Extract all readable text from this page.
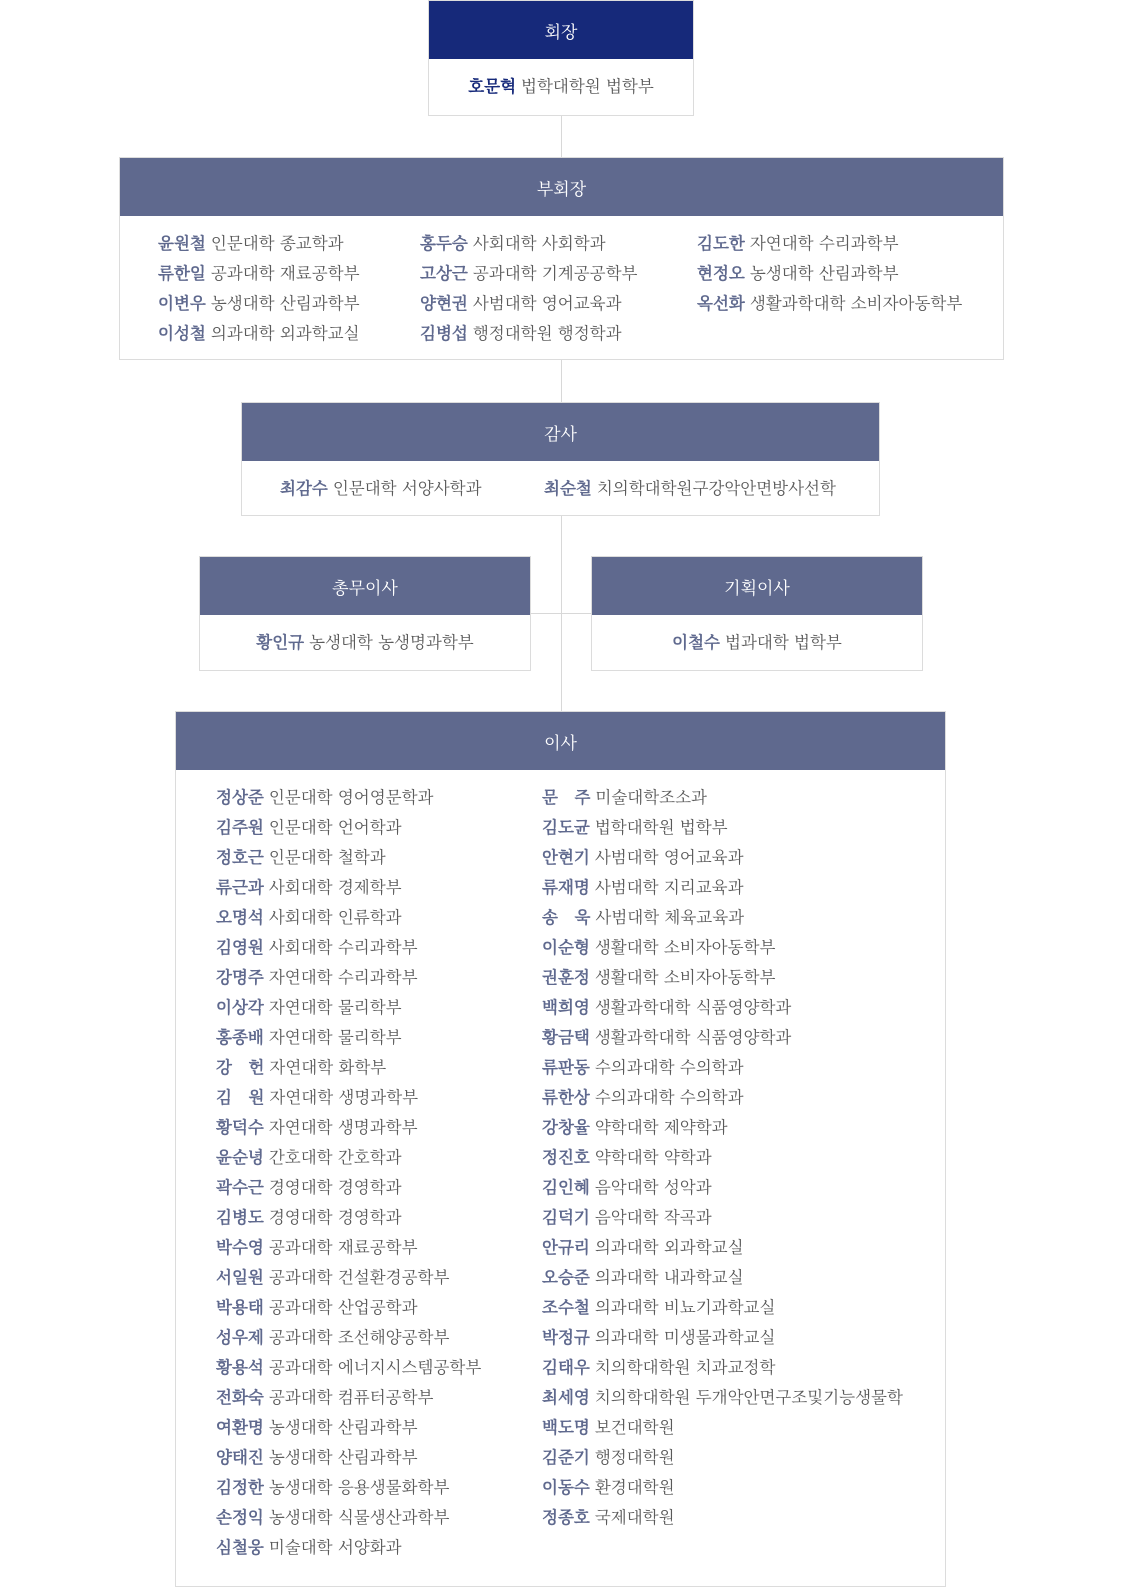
회장
호문혁 법학대학원 법학부
부회장
윤원철 인문대학 종교학과
류한일 공과대학 재료공학부
이변우 농생대학 산림과학부
이성철 의과대학 외과학교실
홍두승 사회대학 사회학과
고상근 공과대학 기계공공학부
양현권 사범대학 영어교육과
김병섭 행정대학원 행정학과
김도한 자연대학 수리과학부
현정오 농생대학 산림과학부
옥선화 생활과학대학 소비자아동학부
감사
최감수 인문대학 서양사학과	최순철 치의학대학원구강악안면방사선학
총무이사
황인규 농생대학 농생명과학부
기획이사
이철수 법과대학 법학부
이사
정상준 인문대학 영어영문학과
김주원 인문대학 언어학과
정호근 인문대학 철학과
류근과 사회대학 경제학부
오명석 사회대학 인류학과
김영원 사회대학 수리과학부
강명주 자연대학 수리과학부
이상각 자연대학 물리학부
홍종배 자연대학 물리학부
강　헌 자연대학 화학부
김　원 자연대학 생명과학부
황덕수 자연대학 생명과학부
윤순녕 간호대학 간호학과
곽수근 경영대학 경영학과
김병도 경영대학 경영학과
박수영 공과대학 재료공학부
서일원 공과대학 건설환경공학부
박용태 공과대학 산업공학과
성우제 공과대학 조선해양공학부
황용석 공과대학 에너지시스템공학부
전화숙 공과대학 컴퓨터공학부
여환명 농생대학 산림과학부
양태진 농생대학 산림과학부
김정한 농생대학 응용생물화학부
손정익 농생대학 식물생산과학부
심철웅 미술대학 서양화과
문　주 미술대학조소과
김도균 법학대학원 법학부
안현기 사범대학 영어교육과
류재명 사범대학 지리교육과
송　욱 사범대학 체육교육과
이순형 생활대학 소비자아동학부
권훈정 생활대학 소비자아동학부
백희영 생활과학대학 식품영양학과
황금택 생활과학대학 식품영양학과
류판동 수의과대학 수의학과
류한상 수의과대학 수의학과
강창율 약학대학 제약학과
정진호 약학대학 약학과
김인혜 음악대학 성악과
김덕기 음악대학 작곡과
안규리 의과대학 외과학교실
오승준 의과대학 내과학교실
조수철 의과대학 비뇨기과학교실
박정규 의과대학 미생물과학교실
김태우 치의학대학원 치과교정학
최세영 치의학대학원 두개악안면구조및기능생물학
백도명 보건대학원
김준기 행정대학원
이동수 환경대학원
정종호 국제대학원
